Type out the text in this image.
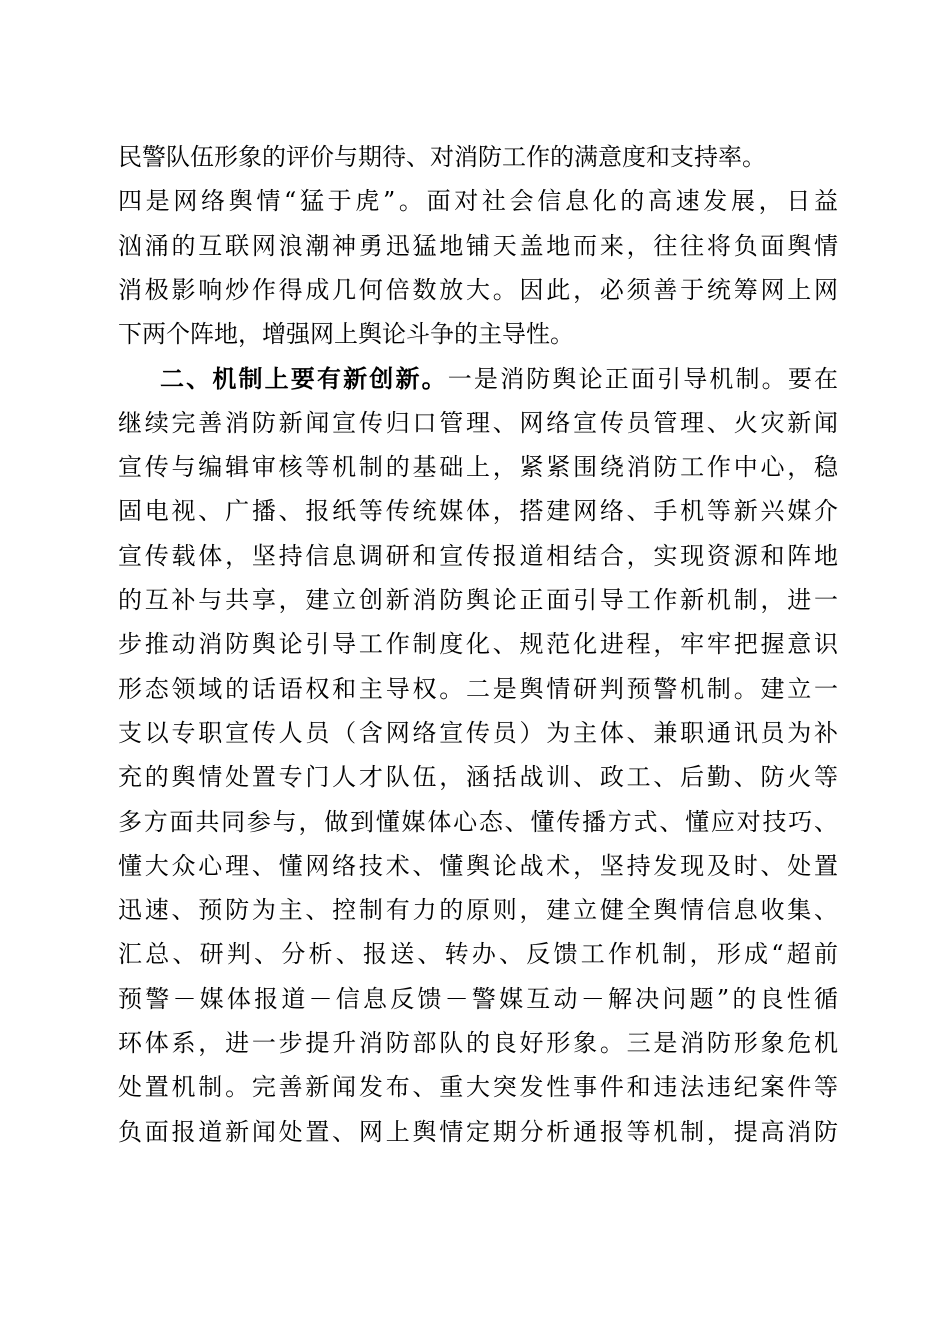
民警队伍形象的评价与期待、对消防工作的满意度和支持率。
四是网络舆情“猛于虎”。面对社会信息化的高速发展，日益
汹涌的互联网浪潮神勇迅猛地铺天盖地而来，往往将负面舆情
消极影响炒作得成几何倍数放大。因此，必须善于统筹网上网
下两个阵地，增强网上舆论斗争的主导性。
二、机制上要有新创新。一是消防舆论正面引导机制。要在
继续完善消防新闻宣传归口管理、网络宣传员管理、火灾新闻
宣传与编辑审核等机制的基础上，紧紧围绕消防工作中心，稳
固电视、广播、报纸等传统媒体，搭建网络、手机等新兴媒介
宣传载体，坚持信息调研和宣传报道相结合，实现资源和阵地
的互补与共享，建立创新消防舆论正面引导工作新机制，进一
步推动消防舆论引导工作制度化、规范化进程，牢牢把握意识
形态领域的话语权和主导权。二是舆情研判预警机制。建立一
支以专职宣传人员（含网络宣传员）为主体、兼职通讯员为补
充的舆情处置专门人才队伍，涵括战训、政工、后勤、防火等
多方面共同参与，做到懂媒体心态、懂传播方式、懂应对技巧、
懂大众心理、懂网络技术、懂舆论战术，坚持发现及时、处置
迅速、预防为主、控制有力的原则，建立健全舆情信息收集、
汇总、研判、分析、报送、转办、反馈工作机制，形成“超前
预警－媒体报道－信息反馈－警媒互动－解决问题”的良性循
环体系，进一步提升消防部队的良好形象。三是消防形象危机
处置机制。完善新闻发布、重大突发性事件和违法违纪案件等
负面报道新闻处置、网上舆情定期分析通报等机制，提高消防
